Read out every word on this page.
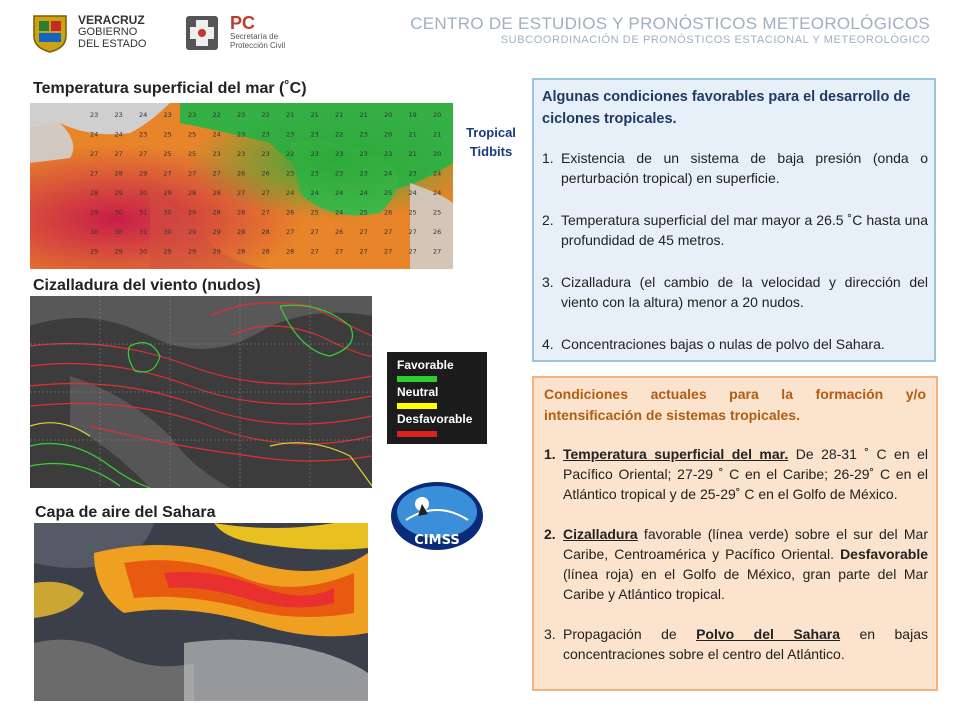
VERACRUZ
GOBIERNO
DEL ESTADO
PC
Secretaría de
Protección Civil
CENTRO DE ESTUDIOS Y PRONÓSTICOS METEOROLÓGICOS
SUBCOORDINACIÓN DE PRONÓSTICOS ESTACIONAL Y METEOROLÓGICO
Temperatura superficial del mar (˚C)
23 23 24 23 23 22 23 22 21 21 21 21 20 19 20
24 24 23 25 25 24 23 23 23 23 22 23 20 21 21
27 27 27 25 25 23 23 23 22 23 23 23 23 21 20
27 28 29 27 27 27 26 26 23 23 23 23 24 23 24
28 29 30 29 28 28 27 27 24 24 24 24 25 24 24
29 30 31 30 29 28 28 27 26 25 24 25 26 25 25
30 30 31 30 29 29 28 28 27 27 26 27 27 27 26
29 29 30 29 29 29 28 28 28 27 27 27 27 27 27
Tropical
Tidbits
Cizalladura del viento (nudos)
Favorable
Neutral
Desfavorable
Capa de aire del Sahara
CIMSS
Algunas condiciones favorables para el desarrollo de ciclones tropicales.
1. Existencia de un sistema de baja presión (onda o perturbación tropical) en superficie.
2. Temperatura superficial del mar mayor a 26.5 ˚C hasta una profundidad de 45 metros.
3. Cizalladura (el cambio de la velocidad y dirección del viento con la altura) menor a 20 nudos.
4. Concentraciones bajas o nulas de polvo del Sahara.
Condiciones actuales para la formación y/o intensificación de sistemas tropicales.
1. Temperatura superficial del mar. De 28-31 ˚ C en el Pacífico Oriental; 27-29 ˚ C en el Caribe; 26-29˚ C en el Atlántico tropical y de 25-29˚ C en el Golfo de México.
2. Cizalladura favorable (línea verde) sobre el sur del Mar Caribe, Centroamérica y Pacífico Oriental. Desfavorable (línea roja) en el Golfo de México, gran parte del Mar Caribe y Atlántico tropical.
3. Propagación de Polvo del Sahara en bajas concentraciones sobre el centro del Atlántico.
